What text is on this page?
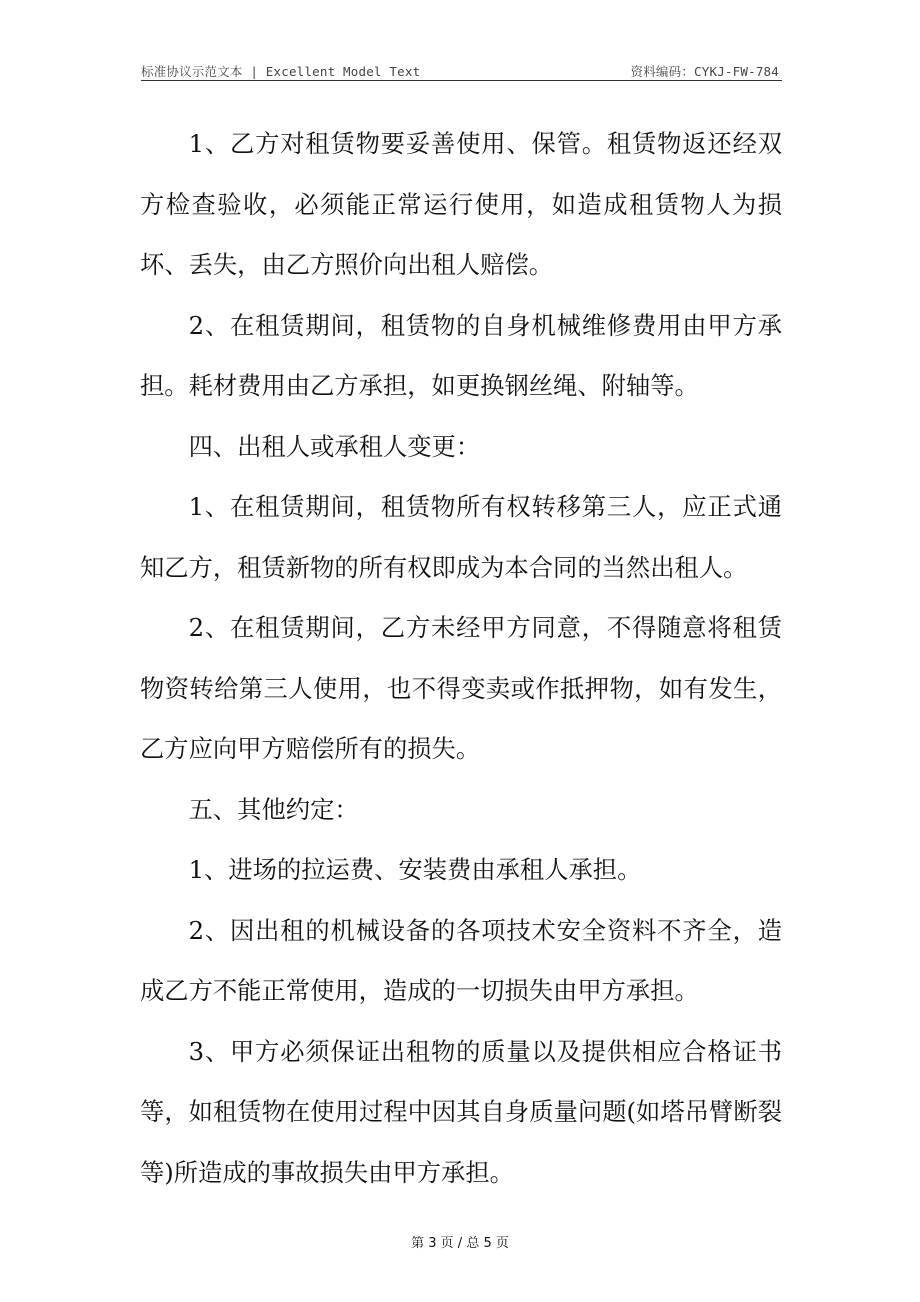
标准协议示范文本 | Excellent Model Text	资料编码：CYKJ-FW-784

1、乙方对租赁物要妥善使用、保管。租赁物返还经双方检查验收，必须能正常运行使用，如造成租赁物人为损坏、丢失，由乙方照价向出租人赔偿。

2、在租赁期间，租赁物的自身机械维修费用由甲方承担。耗材费用由乙方承担，如更换钢丝绳、附轴等。

四、出租人或承租人变更：

1、在租赁期间，租赁物所有权转移第三人，应正式通知乙方，租赁新物的所有权即成为本合同的当然出租人。

2、在租赁期间，乙方未经甲方同意，不得随意将租赁物资转给第三人使用，也不得变卖或作抵押物，如有发生，乙方应向甲方赔偿所有的损失。

五、其他约定：

1、进场的拉运费、安装费由承租人承担。

2、因出租的机械设备的各项技术安全资料不齐全，造成乙方不能正常使用，造成的一切损失由甲方承担。

3、甲方必须保证出租物的质量以及提供相应合格证书等，如租赁物在使用过程中因其自身质量问题(如塔吊臂断裂等)所造成的事故损失由甲方承担。

第 3 页 / 总 5 页
